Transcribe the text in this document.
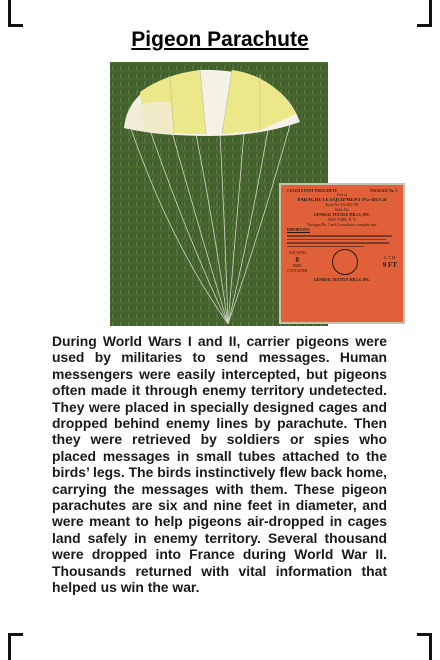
Pigeon Parachute
1 EACH 9 FOOT PARACHUTE	PACKAGE No. 1
Part of
PARACHUTE EQUIPMENT PG-101/CB
Stock No. 9A1843-101
Order No.
GENERAL TEXTILE MILLS, INC.
NEW YORK, N. Y.
Packages No. 1 and 2 constitute a complete unit
IMPORTANT:
USE WITH
8
BIRD
CONTAINER
G. T. M.
9 FT
GENERAL TEXTILE MILLS, INC.

During World Wars I and II, carrier pigeons were used by militaries to send messages. Human messengers were easily intercepted, but pigeons often made it through enemy territory undetected. They were placed in specially designed cages and dropped behind enemy lines by parachute. Then they were retrieved by soldiers or spies who placed messages in small tubes attached to the birds’ legs. The birds instinctively flew back home, carrying the messages with them. These pigeon parachutes are six and nine feet in diameter, and were meant to help pigeons air-dropped in cages land safely in enemy territory. Several thousand were dropped into France during World War II. Thousands returned with vital information that helped us win the war.
